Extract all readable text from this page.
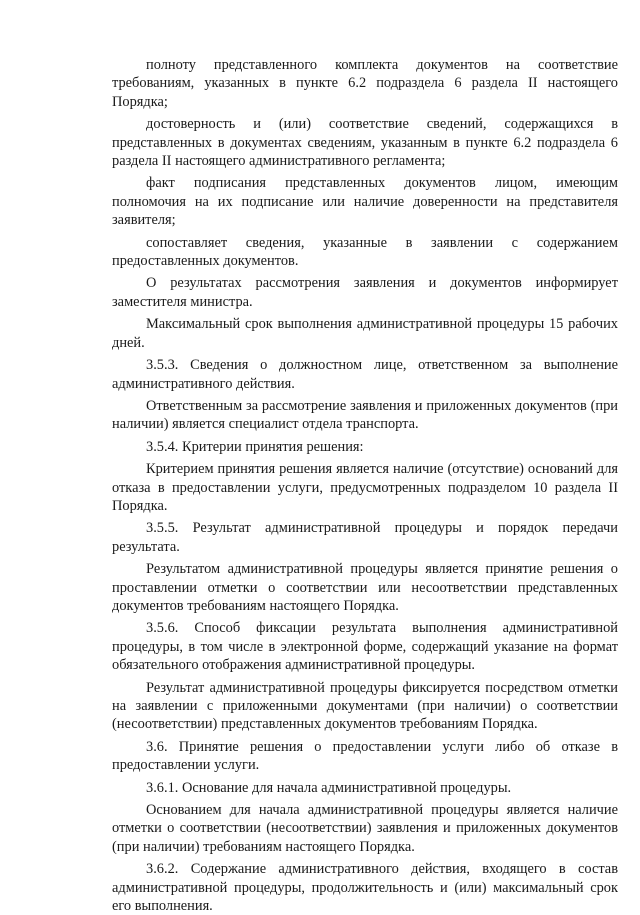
полноту представленного комплекта документов на соответствие требованиям, указанных в пункте 6.2 подраздела 6 раздела II настоящего Порядка;

достоверность и (или) соответствие сведений, содержащихся в представленных в документах сведениям, указанным в пункте 6.2 подраздела 6 раздела II настоящего административного регламента;

факт подписания представленных документов лицом, имеющим полномочия на их подписание или наличие доверенности на представителя заявителя;

сопоставляет сведения, указанные в заявлении с содержанием предоставленных документов.

О результатах рассмотрения заявления и документов информирует заместителя министра.

Максимальный срок выполнения административной процедуры 15 рабочих дней.

3.5.3. Сведения о должностном лице, ответственном за выполнение административного действия.

Ответственным за рассмотрение заявления и приложенных документов (при наличии) является специалист отдела транспорта.

3.5.4. Критерии принятия решения:

Критерием принятия решения является наличие (отсутствие) оснований для отказа в предоставлении услуги, предусмотренных подразделом 10 раздела II Порядка.

3.5.5. Результат административной процедуры и порядок передачи результата.

Результатом административной процедуры является принятие решения о проставлении отметки о соответствии или несоответствии представленных документов требованиям настоящего Порядка.

3.5.6. Способ фиксации результата выполнения административной процедуры, в том числе в электронной форме, содержащий указание на формат обязательного отображения административной процедуры.

Результат административной процедуры фиксируется посредством отметки на заявлении с приложенными документами (при наличии) о соответствии (несоответствии) представленных документов требованиям Порядка.

3.6. Принятие решения о предоставлении услуги либо об отказе в предоставлении услуги.

3.6.1. Основание для начала административной процедуры.

Основанием для начала административной процедуры является наличие отметки о соответствии (несоответствии) заявления и приложенных документов (при наличии) требованиям настоящего Порядка.

3.6.2. Содержание административного действия, входящего в состав административной процедуры, продолжительность и (или) максимальный срок его выполнения.
